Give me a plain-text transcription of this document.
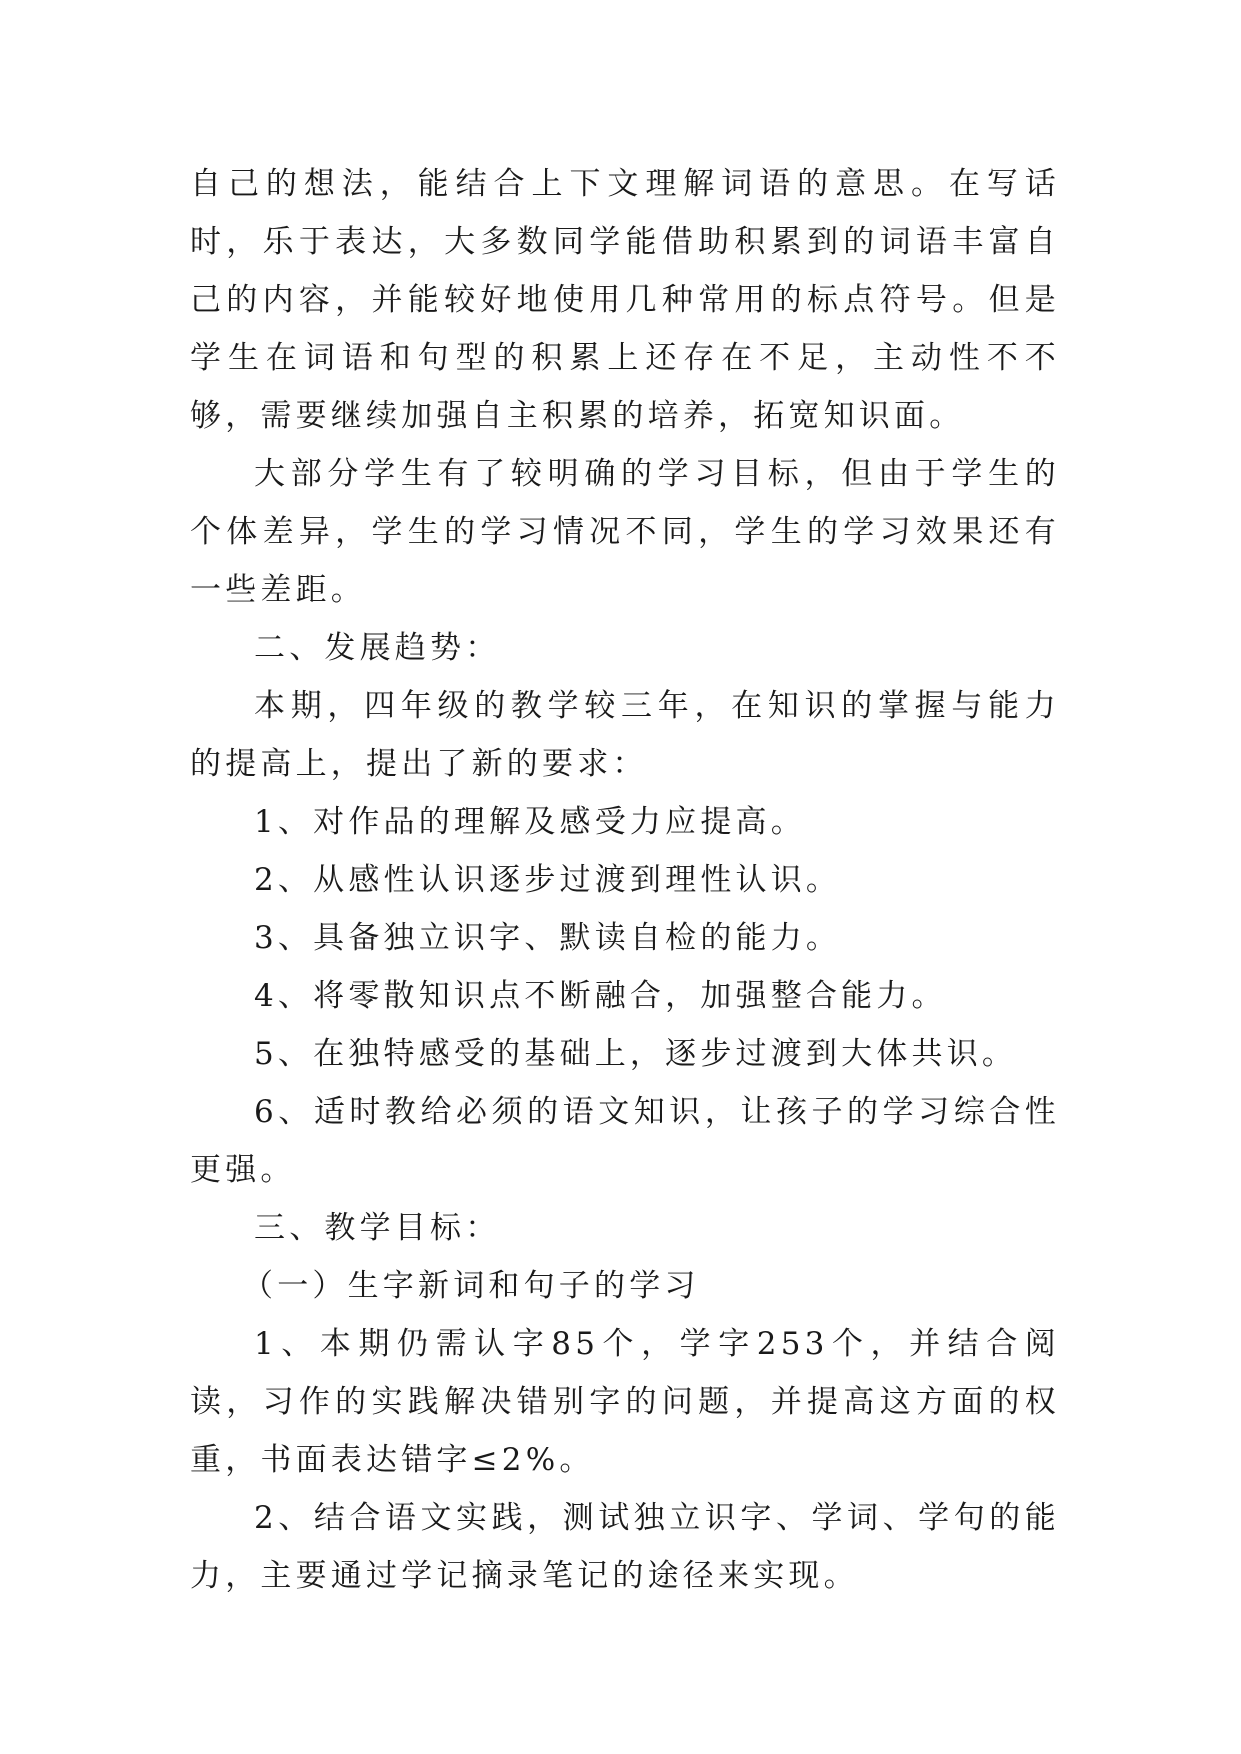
自己的想法，能结合上下文理解词语的意思。在写话时，乐于表达，大多数同学能借助积累到的词语丰富自己的内容，并能较好地使用几种常用的标点符号。但是学生在词语和句型的积累上还存在不足，主动性不不够，需要继续加强自主积累的培养，拓宽知识面。

大部分学生有了较明确的学习目标，但由于学生的个体差异，学生的学习情况不同，学生的学习效果还有一些差距。

二、发展趋势：

本期，四年级的教学较三年，在知识的掌握与能力的提高上，提出了新的要求：

1、对作品的理解及感受力应提高。

2、从感性认识逐步过渡到理性认识。

3、具备独立识字、默读自检的能力。

4、将零散知识点不断融合，加强整合能力。

5、在独特感受的基础上，逐步过渡到大体共识。

6、适时教给必须的语文知识，让孩子的学习综合性更强。

三、教学目标：

（一）生字新词和句子的学习

1、本期仍需认字85个，学字253个，并结合阅读，习作的实践解决错别字的问题，并提高这方面的权重，书面表达错字≤2%。

2、结合语文实践，测试独立识字、学词、学句的能力，主要通过学记摘录笔记的途径来实现。
